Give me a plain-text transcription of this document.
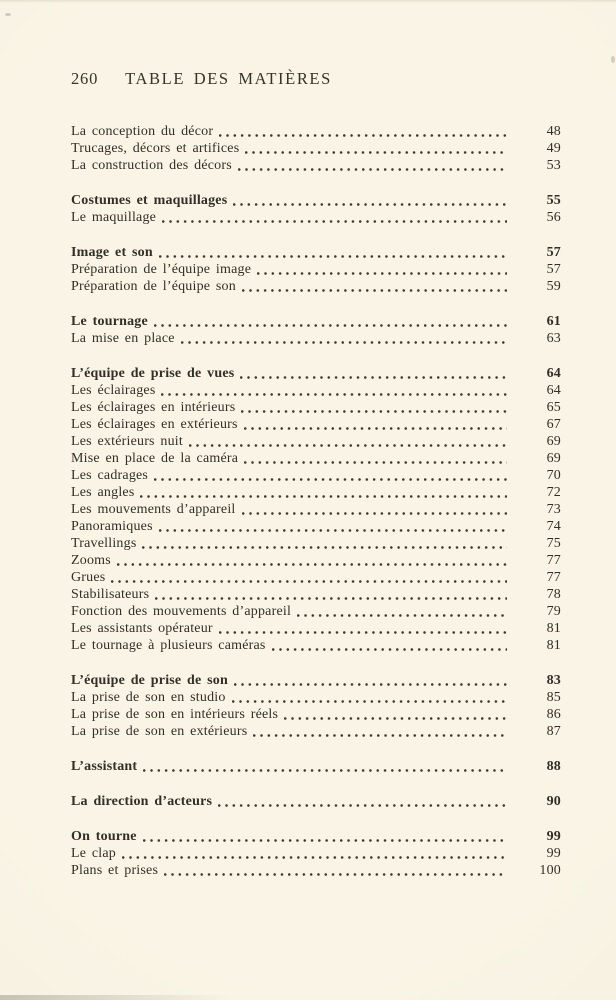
260 TABLE DES MATIÈRES
La conception du décor	48
Trucages, décors et artifices	49
La construction des décors	53
Costumes et maquillages	55
Le maquillage	56
Image et son	57
Préparation de l’équipe image	57
Préparation de l’équipe son	59
Le tournage	61
La mise en place	63
L’équipe de prise de vues	64
Les éclairages	64
Les éclairages en intérieurs	65
Les éclairages en extérieurs	67
Les extérieurs nuit	69
Mise en place de la caméra	69
Les cadrages	70
Les angles	72
Les mouvements d’appareil	73
Panoramiques	74
Travellings	75
Zooms	77
Grues	77
Stabilisateurs	78
Fonction des mouvements d’appareil	79
Les assistants opérateur	81
Le tournage à plusieurs caméras	81
L’équipe de prise de son	83
La prise de son en studio	85
La prise de son en intérieurs réels	86
La prise de son en extérieurs	87
L’assistant	88
La direction d’acteurs	90
On tourne	99
Le clap	99
Plans et prises	100
